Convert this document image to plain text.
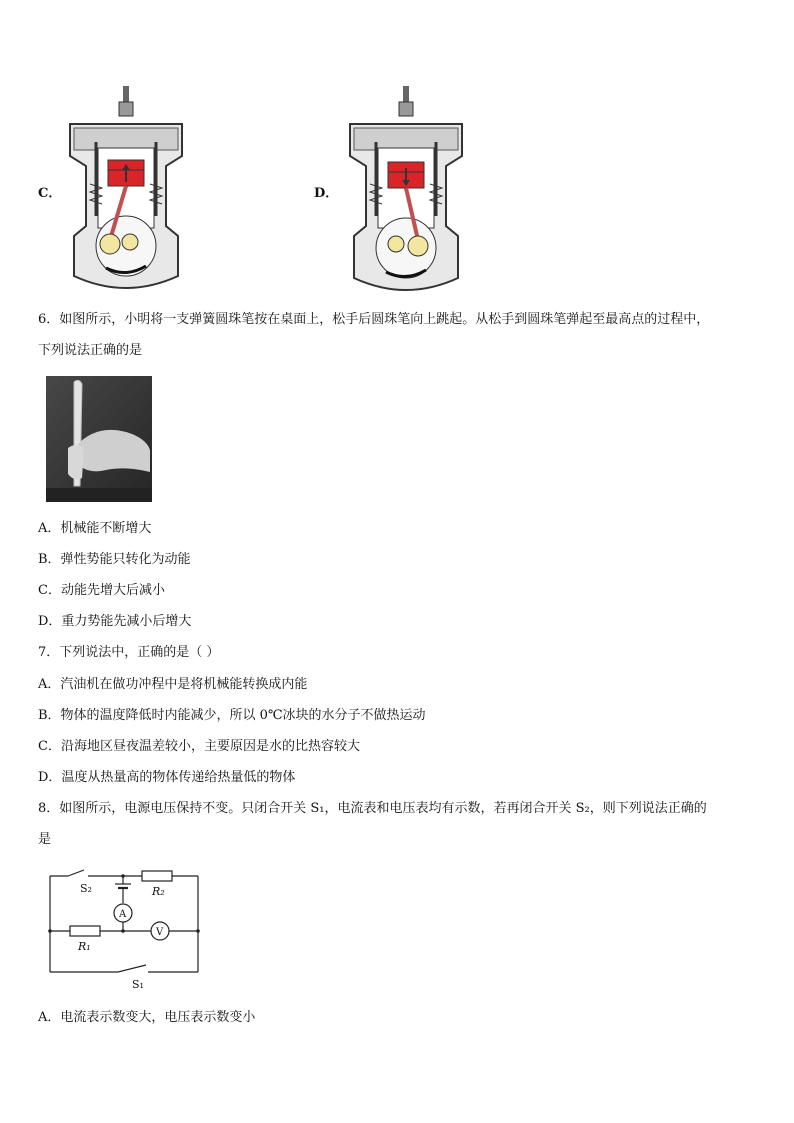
C．	D．
6．如图所示，小明将一支弹簧圆珠笔按在桌面上，松手后圆珠笔向上跳起。从松手到圆珠笔弹起至最高点的过程中，
下列说法正确的是
A．机械能不断增大
B．弹性势能只转化为动能
C．动能先增大后减小
D．重力势能先减小后增大
7．下列说法中，正确的是（ ）
A．汽油机在做功冲程中是将机械能转换成内能
B．物体的温度降低时内能减少，所以 0℃冰块的水分子不做热运动
C．沿海地区昼夜温差较小，主要原因是水的比热容较大
D．温度从热量高的物体传递给热量低的物体
8．如图所示，电源电压保持不变。只闭合开关 S₁，电流表和电压表均有示数，若再闭合开关 S₂，则下列说法正确的
是
S₂	R₂
A
V
R₁
S₁
A．电流表示数变大，电压表示数变小
